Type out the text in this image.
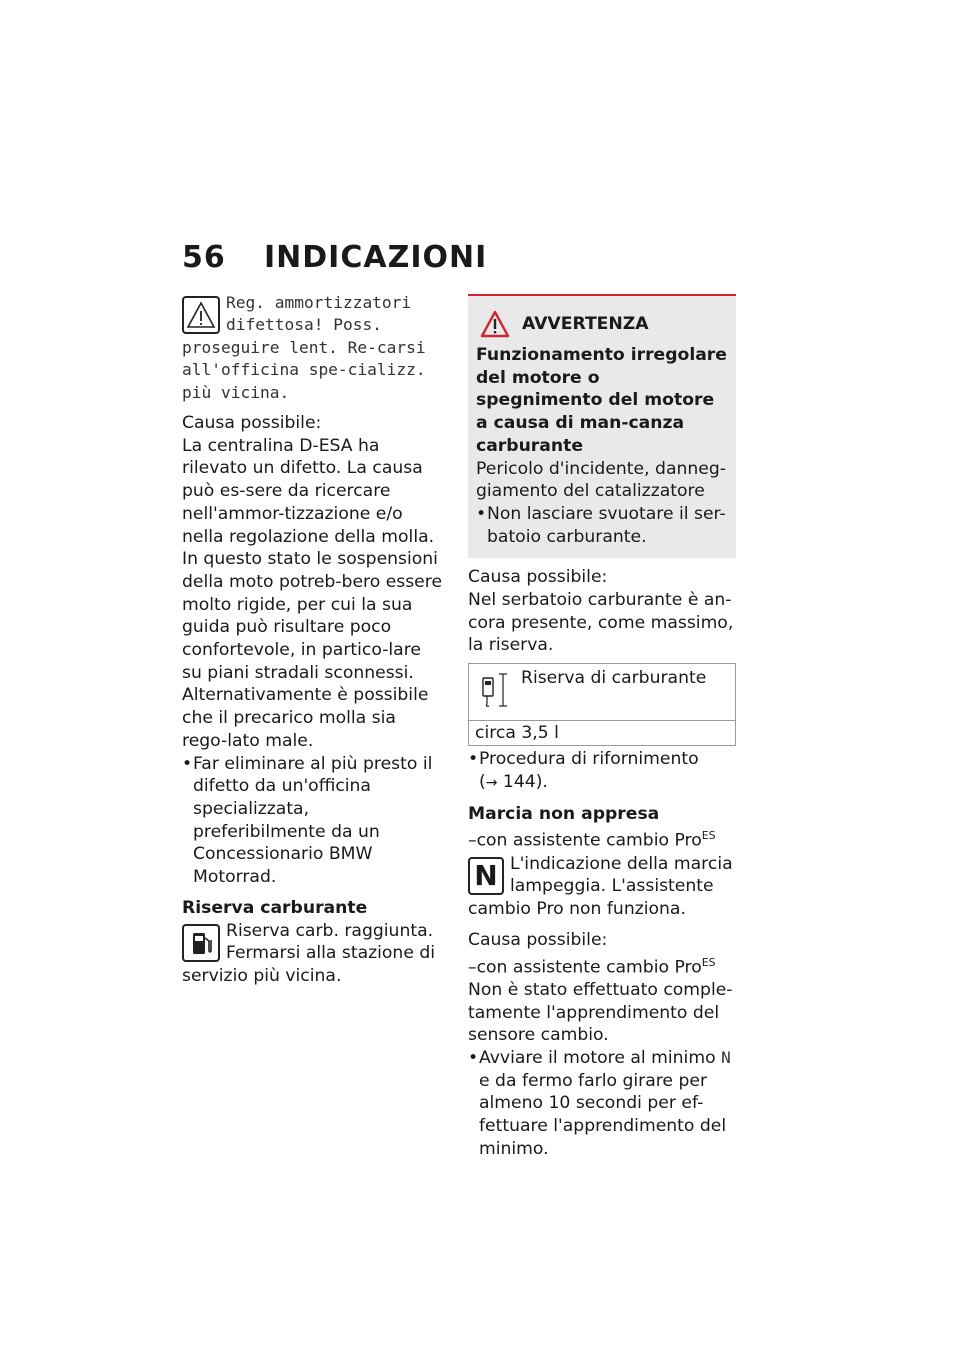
56 INDICAZIONI

Reg. ammortizzatori difettosa! Poss.

proseguire lent. Re-carsi all'officina spe-cializz. più vicina.

Causa possibile:

La centralina D-ESA ha rilevato un difetto. La causa può es-sere da ricercare nell'ammor-tizzazione e/o nella regolazione della molla. In questo stato le sospensioni della moto potreb-bero essere molto rigide, per cui la sua guida può risultare poco confortevole, in partico-lare su piani stradali sconnessi. Alternativamente è possibile che il precarico molla sia rego-lato male.

• Far eliminare al più presto il difetto da un'officina specializzata, preferibilmente da un Concessionario BMW Motorrad.

Riserva carburante

Riserva carb. raggiunta. Fermarsi alla stazione di

servizio più vicina.

AVVERTENZA

Funzionamento irregolare del motore o spegnimento del motore a causa di man-canza carburante

Pericolo d'incidente, danneg-giamento del catalizzatore

• Non lasciare svuotare il ser-batoio carburante.

Causa possibile:

Nel serbatoio carburante è an-cora presente, come massimo, la riserva.

Riserva di carburante
circa 3,5 l
• Procedura di rifornimento
(→ 144).

Marcia non appresa

–con assistente cambio Pro$^{ES}$

N L'indicazione della marcia lampeggia. L'assistente

cambio Pro non funziona.

Causa possibile:

–con assistente cambio Pro$^{ES}$

Non è stato effettuato comple-tamente l'apprendimento del sensore cambio.

• Avviare il motore al minimo N e da fermo farlo girare per almeno 10 secondi per ef-fettuare l'apprendimento del minimo.
